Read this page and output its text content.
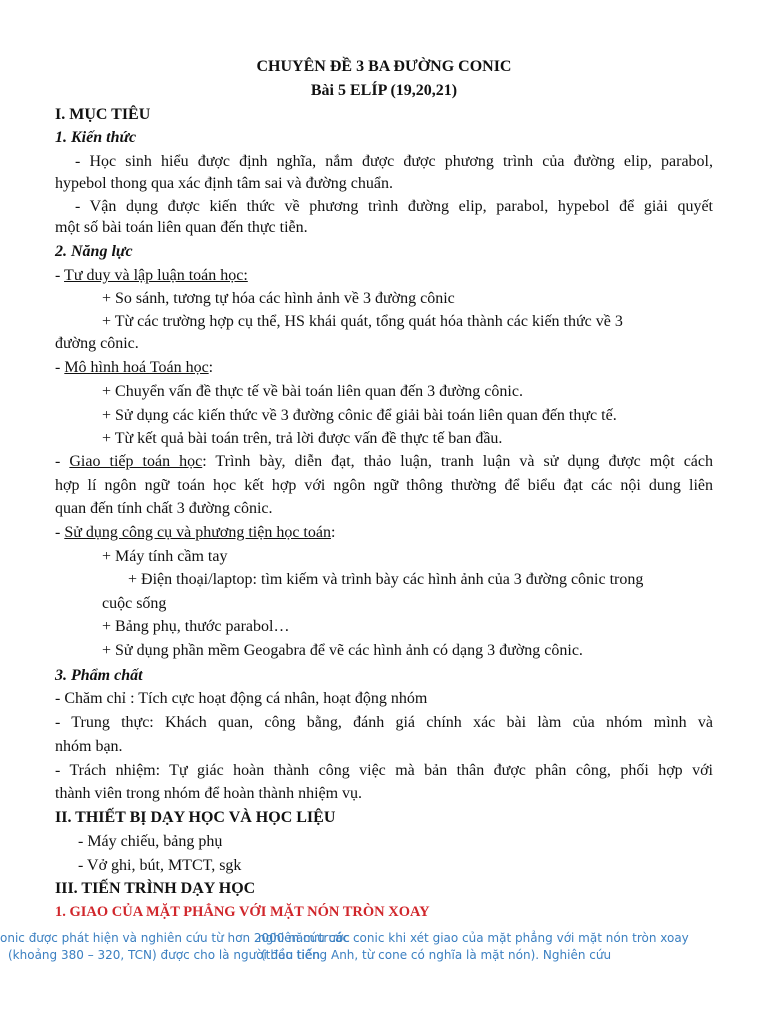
CHUYÊN ĐỀ 3 BA ĐƯỜNG CONIC
Bài 5 ELÍP (19,20,21)
I. MỤC TIÊU
1. Kiến thức
- Học sinh hiểu được định nghĩa, nắm được được phương trình của đường elip, parabol,
hypebol thong qua xác định tâm sai và đường chuẩn.
- Vận dụng được kiến thức về phương trình đường elip, parabol, hypebol để giải quyết
một số bài toán liên quan đến thực tiễn.
2. Năng lực
- Tư duy và lập luận toán học:
+ So sánh, tương tự hóa các hình ảnh về 3 đường cônic
+ Từ các trường hợp cụ thể, HS khái quát, tổng quát hóa thành các kiến thức về 3
đường cônic.
- Mô hình hoá Toán học:
+ Chuyển vấn đề thực tế về bài toán liên quan đến 3 đường cônic.
+ Sử dụng các kiến thức về 3 đường cônic để giải bài toán liên quan đến thực tế.
+ Từ kết quả bài toán trên, trả lời được vấn đề thực tế ban đầu.
- Giao tiếp toán học: Trình bày, diễn đạt, thảo luận, tranh luận và sử dụng được một cách
hợp lí ngôn ngữ toán học kết hợp với ngôn ngữ thông thường để biểu đạt các nội dung liên
quan đến tính chất 3 đường cônic.
- Sử dụng công cụ và phương tiện học toán:
+ Máy tính cầm tay
+ Điện thoại/laptop: tìm kiếm và trình bày các hình ảnh của 3 đường cônic trong
cuộc sống
+ Bảng phụ, thước parabol…
+ Sử dụng phần mềm Geogabra để vẽ các hình ảnh có dạng 3 đường cônic.
3. Phẩm chất
- Chăm chỉ : Tích cực hoạt động cá nhân, hoạt động nhóm
- Trung thực: Khách quan, công bằng, đánh giá chính xác bài làm của nhóm mình và
nhóm bạn.
- Trách nhiệm: Tự giác hoàn thành công việc mà bản thân được phân công, phối hợp với
thành viên trong nhóm để hoàn thành nhiệm vụ.
II. THIẾT BỊ DẠY HỌC VÀ HỌC LIỆU
- Máy chiếu, bảng phụ
- Vở ghi, bút, MTCT, sgk
III. TIẾN TRÌNH DẠY HỌC
1. GIAO CỦA MẶT PHẲNG VỚI MẶT NÓN TRÒN XOAY
onic được phát hiện và nghiên cứu từ hơn 2000 năm trước
nghiên cứu các conic khi xét giao của mặt phẳng với mặt nón tròn xoay
(khoảng 380 – 320, TCN) được cho là người đầu tiên
(theo tiếng Anh, từ cone có nghĩa là mặt nón). Nghiên cứu
